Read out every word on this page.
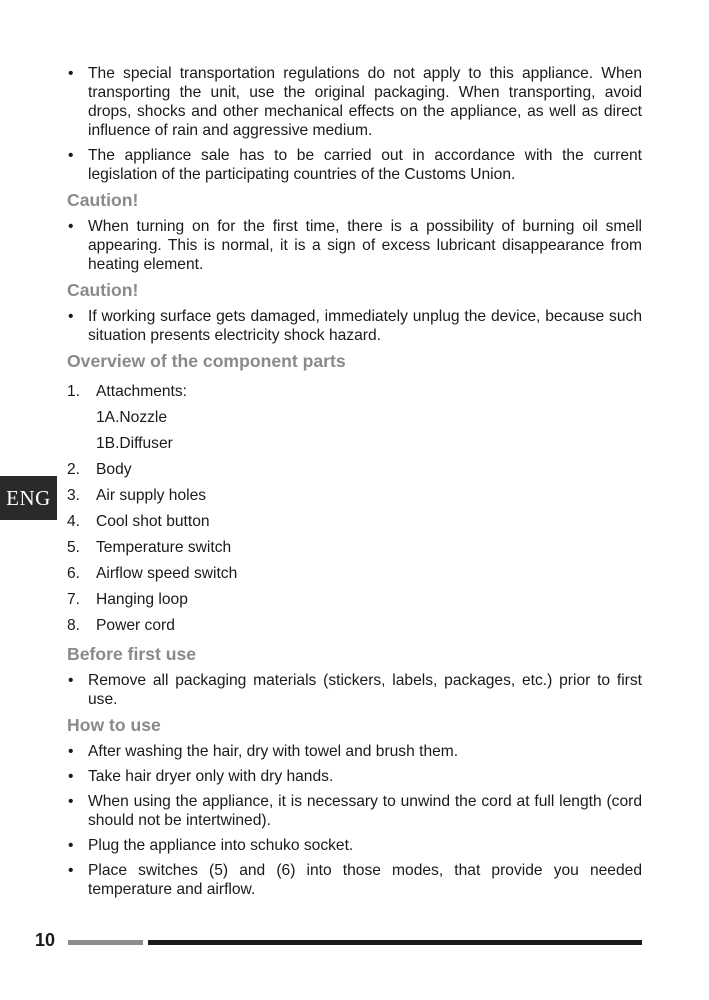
• The special transportation regulations do not apply to this appliance. When transporting the unit, use the original packaging. When transporting, avoid drops, shocks and other mechanical effects on the appliance, as well as direct influence of rain and aggressive medium.
• The appliance sale has to be carried out in accordance with the current legislation of the participating countries of the Customs Union.
Caution!
• When turning on for the first time, there is a possibility of burning oil smell appearing. This is normal, it is a sign of excess lubricant disappearance from heating element.
Caution!
• If working surface gets damaged, immediately unplug the device, because such situation presents electricity shock hazard.
Overview of the component parts
1.	Attachments:
1A.Nozzle
1B.Diffuser
2.	Body
3.	Air supply holes
4.	Cool shot button
5.	Temperature switch
6.	Airflow speed switch
7.	Hanging loop
8.	Power cord
Before first use
• Remove all packaging materials (stickers, labels, packages, etc.) prior to first use.
How to use
• After washing the hair, dry with towel and brush them.
• Take hair dryer only with dry hands.
• When using the appliance, it is necessary to unwind the cord at full length (cord should not be intertwined).
• Plug the appliance into schuko socket.
• Place switches (5) and (6) into those modes, that provide you needed temperature and airflow.
ENG
10
